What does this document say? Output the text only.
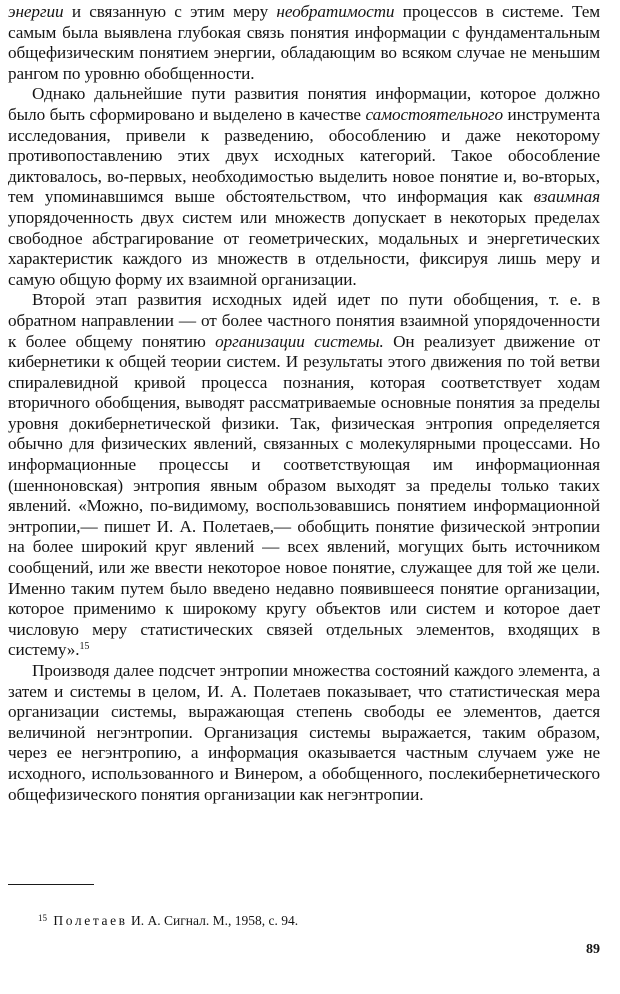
энергии и связанную с этим меру необратимости процессов в системе. Тем самым была выявлена глубокая связь понятия информации с фундаментальным общефизическим понятием энергии, обладающим во всяком случае не меньшим рангом по уровню обобщенности.

Однако дальнейшие пути развития понятия информации, которое должно было быть сформировано и выделено в качестве самостоятельного инструмента исследования, привели к разведению, обособлению и даже некоторому противопоставлению этих двух исходных категорий. Такое обособление диктовалось, во-первых, необходимостью выделить новое понятие и, во-вторых, тем упоминавшимся выше обстоятельством, что информация как взаимная упорядоченность двух систем или множеств допускает в некоторых пределах свободное абстрагирование от геометрических, модальных и энергетических характеристик каждого из множеств в отдельности, фиксируя лишь меру и самую общую форму их взаимной организации.

Второй этап развития исходных идей идет по пути обобщения, т. е. в обратном направлении — от более частного понятия взаимной упорядоченности к более общему понятию организации системы. Он реализует движение от кибернетики к общей теории систем. И результаты этого движения по той ветви спиралевидной кривой процесса познания, которая соответствует ходам вторичного обобщения, выводят рассматриваемые основные понятия за пределы уровня докибернетической физики. Так, физическая энтропия определяется обычно для физических явлений, связанных с молекулярными процессами. Но информационные процессы и соответствующая им информационная (шенноновская) энтропия явным образом выходят за пределы только таких явлений. «Можно, по-видимому, воспользовавшись понятием информационной энтропии,— пишет И. А. Полетаев,— обобщить понятие физической энтропии на более широкий круг явлений — всех явлений, могущих быть источником сообщений, или же ввести некоторое новое понятие, служащее для той же цели. Именно таким путем было введено недавно появившееся понятие организации, которое применимо к широкому кругу объектов или систем и которое дает числовую меру статистических связей отдельных элементов, входящих в систему».$^{15}$

Производя далее подсчет энтропии множества состояний каждого элемента, а затем и системы в целом, И. А. Полетаев показывает, что статистическая мера организации системы, выражающая степень свободы ее элементов, дается величиной негэнтропии. Организация системы выражается, таким образом, через ее негэнтропию, а информация оказывается частным случаем уже не исходного, использованного и Винером, а обобщенного, послекибернетического общефизического понятия организации как негэнтропии.

$^{15}$ Полетаев И. А. Сигнал. М., 1958, с. 94.
89
